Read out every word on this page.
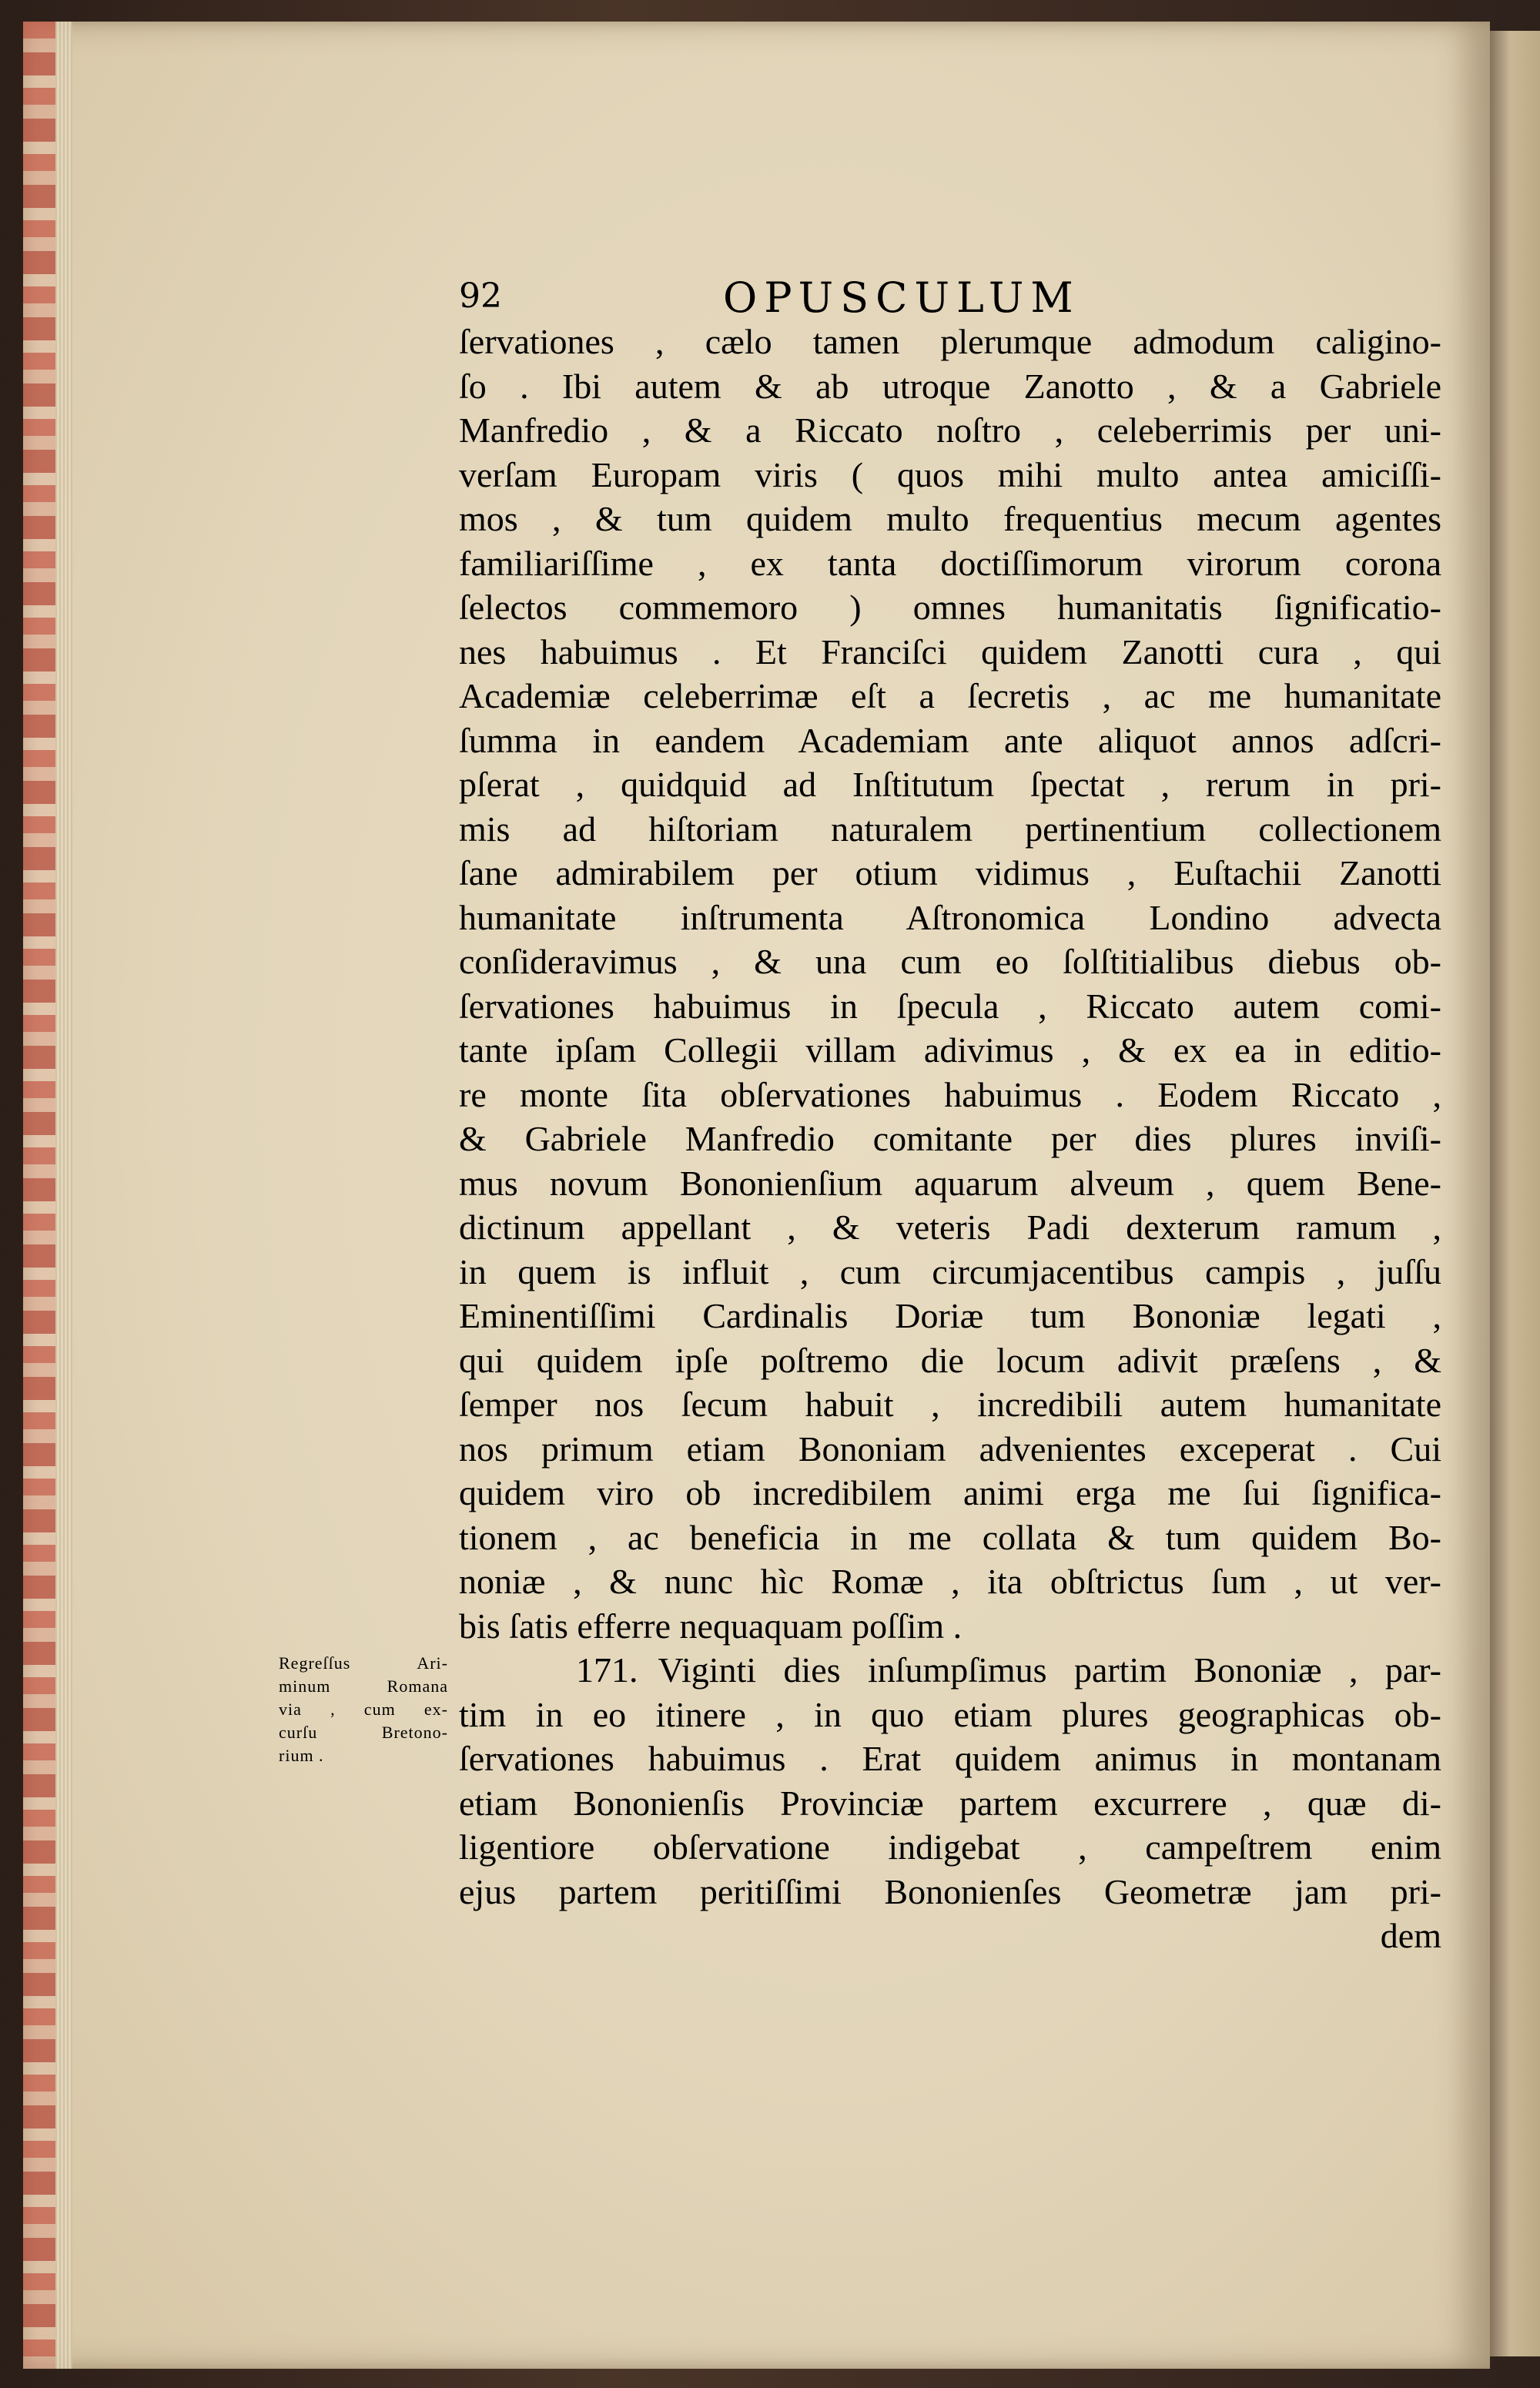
92	OPUSCULUM
ſervationes , cælo tamen plerumque admodum caligino-
ſo . Ibi autem & ab utroque Zanotto , & a Gabriele
Manfredio , & a Riccato noſtro , celeberrimis per uni-
verſam Europam viris ( quos mihi multo antea amiciſſi-
mos , & tum quidem multo frequentius mecum agentes
familiariſſime , ex tanta doctiſſimorum virorum corona
ſelectos commemoro ) omnes humanitatis ſignificatio-
nes habuimus . Et Franciſci quidem Zanotti cura , qui
Academiæ celeberrimæ eſt a ſecretis , ac me humanitate
ſumma in eandem Academiam ante aliquot annos adſcri-
pſerat , quidquid ad Inſtitutum ſpectat , rerum in pri-
mis ad hiſtoriam naturalem pertinentium collectionem
ſane admirabilem per otium vidimus , Euſtachii Zanotti
humanitate inſtrumenta Aſtronomica Londino advecta
conſideravimus , & una cum eo ſolſtitialibus diebus ob-
ſervationes habuimus in ſpecula , Riccato autem comi-
tante ipſam Collegii villam adivimus , & ex ea in editio-
re monte ſita obſervationes habuimus . Eodem Riccato ,
& Gabriele Manfredio comitante per dies plures inviſi-
mus novum Bononienſium aquarum alveum , quem Bene-
dictinum appellant , & veteris Padi dexterum ramum ,
in quem is influit , cum circumjacentibus campis , juſſu
Eminentiſſimi Cardinalis Doriæ tum Bononiæ legati ,
qui quidem ipſe poſtremo die locum adivit præſens , &
ſemper nos ſecum habuit , incredibili autem humanitate
nos primum etiam Bononiam advenientes exceperat . Cui
quidem viro ob incredibilem animi erga me ſui ſignifica-
tionem , ac beneficia in me collata & tum quidem Bo-
noniæ , & nunc hìc Romæ , ita obſtrictus ſum , ut ver-
bis ſatis efferre nequaquam poſſim .
171. Viginti dies inſumpſimus partim Bononiæ , par-
tim in eo itinere , in quo etiam plures geographicas ob-
ſervationes habuimus . Erat quidem animus in montanam
etiam Bononienſis Provinciæ partem excurrere , quæ di-
ligentiore obſervatione indigebat , campeſtrem enim
ejus partem peritiſſimi Bononienſes Geometræ jam pri-
dem
Regreſſus Ari-
minum Romana
via , cum ex-
curſu Bretono-
rium .
